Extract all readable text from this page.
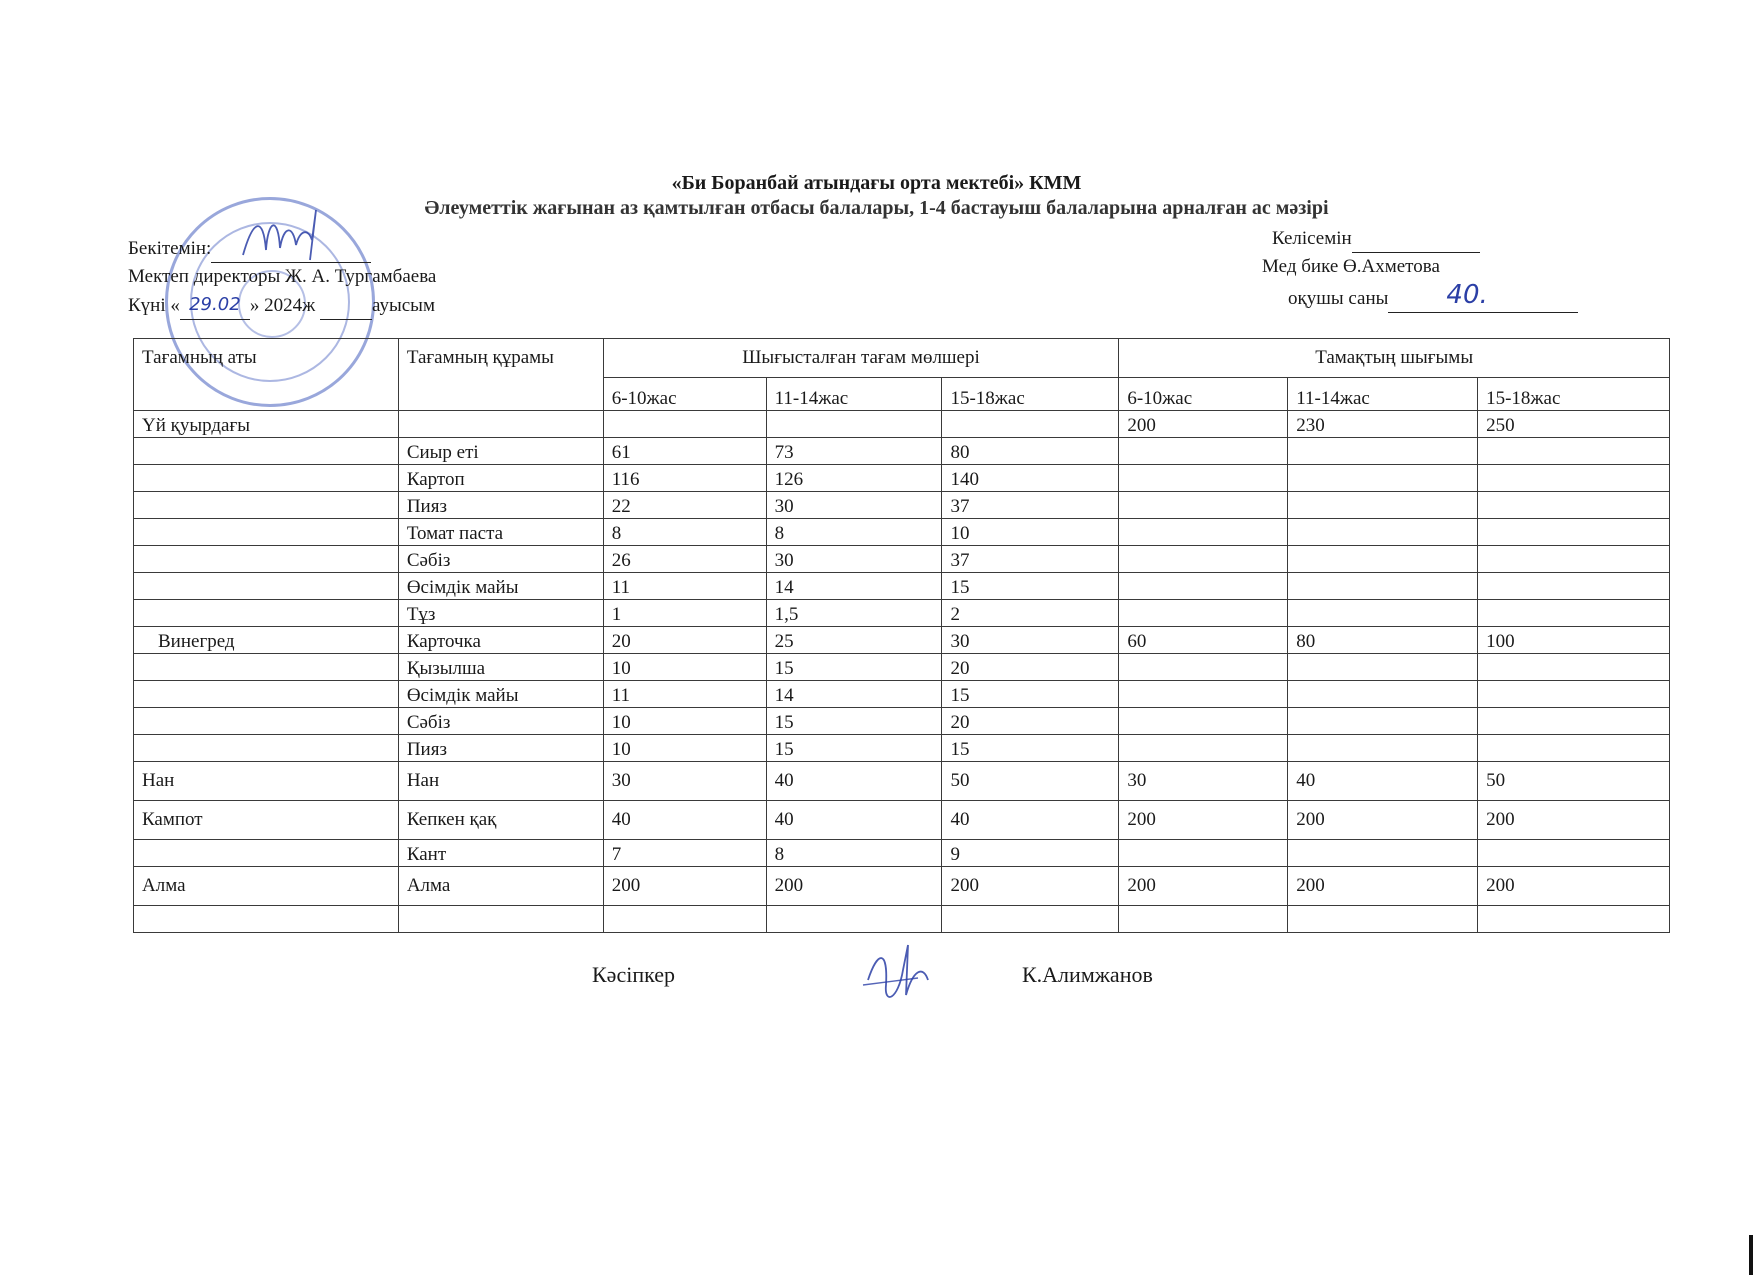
«Би Боранбай атындағы орта мектебі» КММ
Әлеуметтік жағынан аз қамтылған отбасы балалары, 1-4 бастауыш балаларына арналған ас мәзірі
Бекітемін:
Мектеп директоры Ж. А. Тургамбаева
Күні « 29.02 » 2024ж	ауысым
Келісемін
Мед бике Ө.Ахметова
оқушы саны 40.
Тағамның аты	Тағамның құрамы	Шығысталған тағам мөлшері			Тамақтың шығымы		
		6-10жас	11-14жас	15-18жас	6-10жас	11-14жас	15-18жас
Үй қуырдағы					200	230	250
	Сиыр еті	61	73	80			
	Картоп	116	126	140			
	Пияз	22	30	37			
	Томат паста	8	8	10			
	Сәбіз	26	30	37			
	Өсімдік майы	11	14	15			
	Тұз	1	1,5	2			
Винегред	Карточка	20	25	30	60	80	100
	Қызылша	10	15	20			
	Өсімдік майы	11	14	15			
	Сәбіз	10	15	20			
	Пияз	10	15	15			
Нан	Нан	30	40	50	30	40	50
Кампот	Кепкен қақ	40	40	40	200	200	200
	Кант	7	8	9			
Алма	Алма	200	200	200	200	200	200

Кәсіпкер	К.Алимжанов
